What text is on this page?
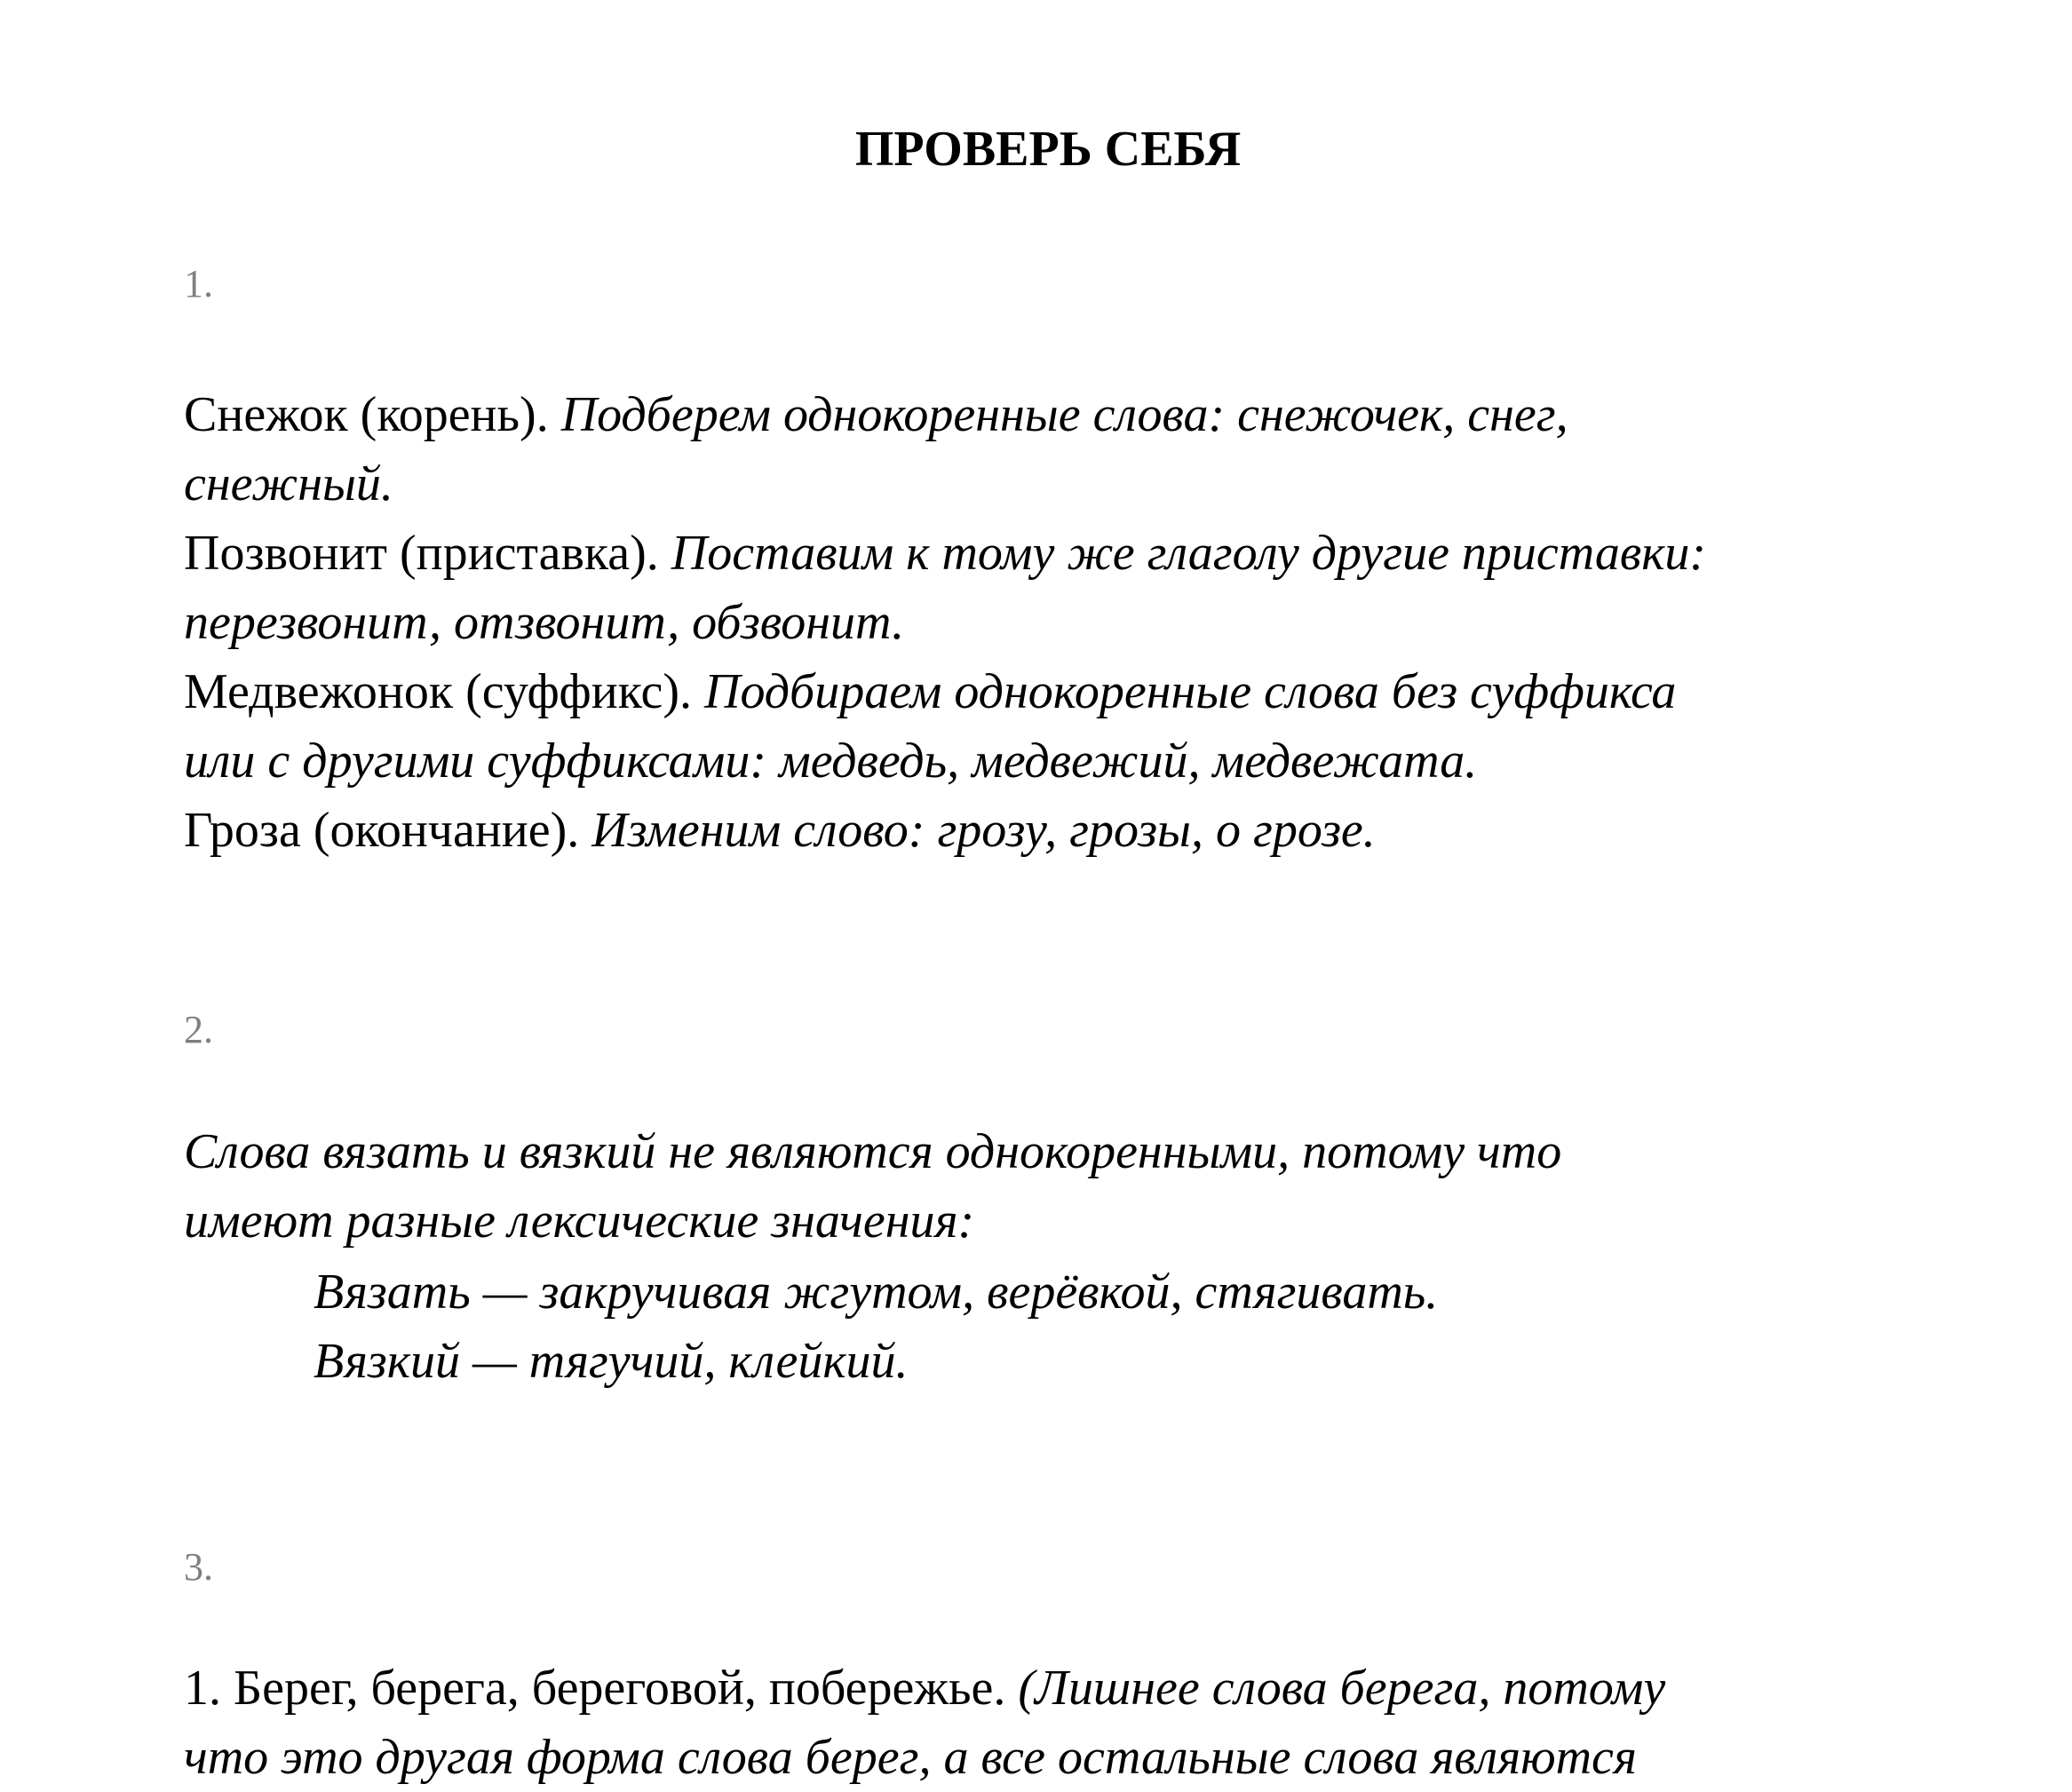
ПРОВЕРЬ СЕБЯ

1.

Снежок (корень). Подберем однокоренные слова: снежочек, снег,

снежный.

Позвонит (приставка). Поставим к тому же глаголу другие приставки:

перезвонит, отзвонит, обзвонит.

Медвежонок (суффикс). Подбираем однокоренные слова без суффикса

или с другими суффиксами: медведь, медвежий, медвежата.

Гроза (окончание). Изменим слово: грозу, грозы, о грозе.

2.

Слова вязать и вязкий не являются однокоренными, потому что

имеют разные лексические значения:

Вязать — закручивая жгутом, верёвкой, стягивать.

Вязкий — тягучий, клейкий.

3.

1. Берег, берега, береговой, побережье. (Лишнее слова берега, потому

что это другая форма слова берег, а все остальные слова являются
